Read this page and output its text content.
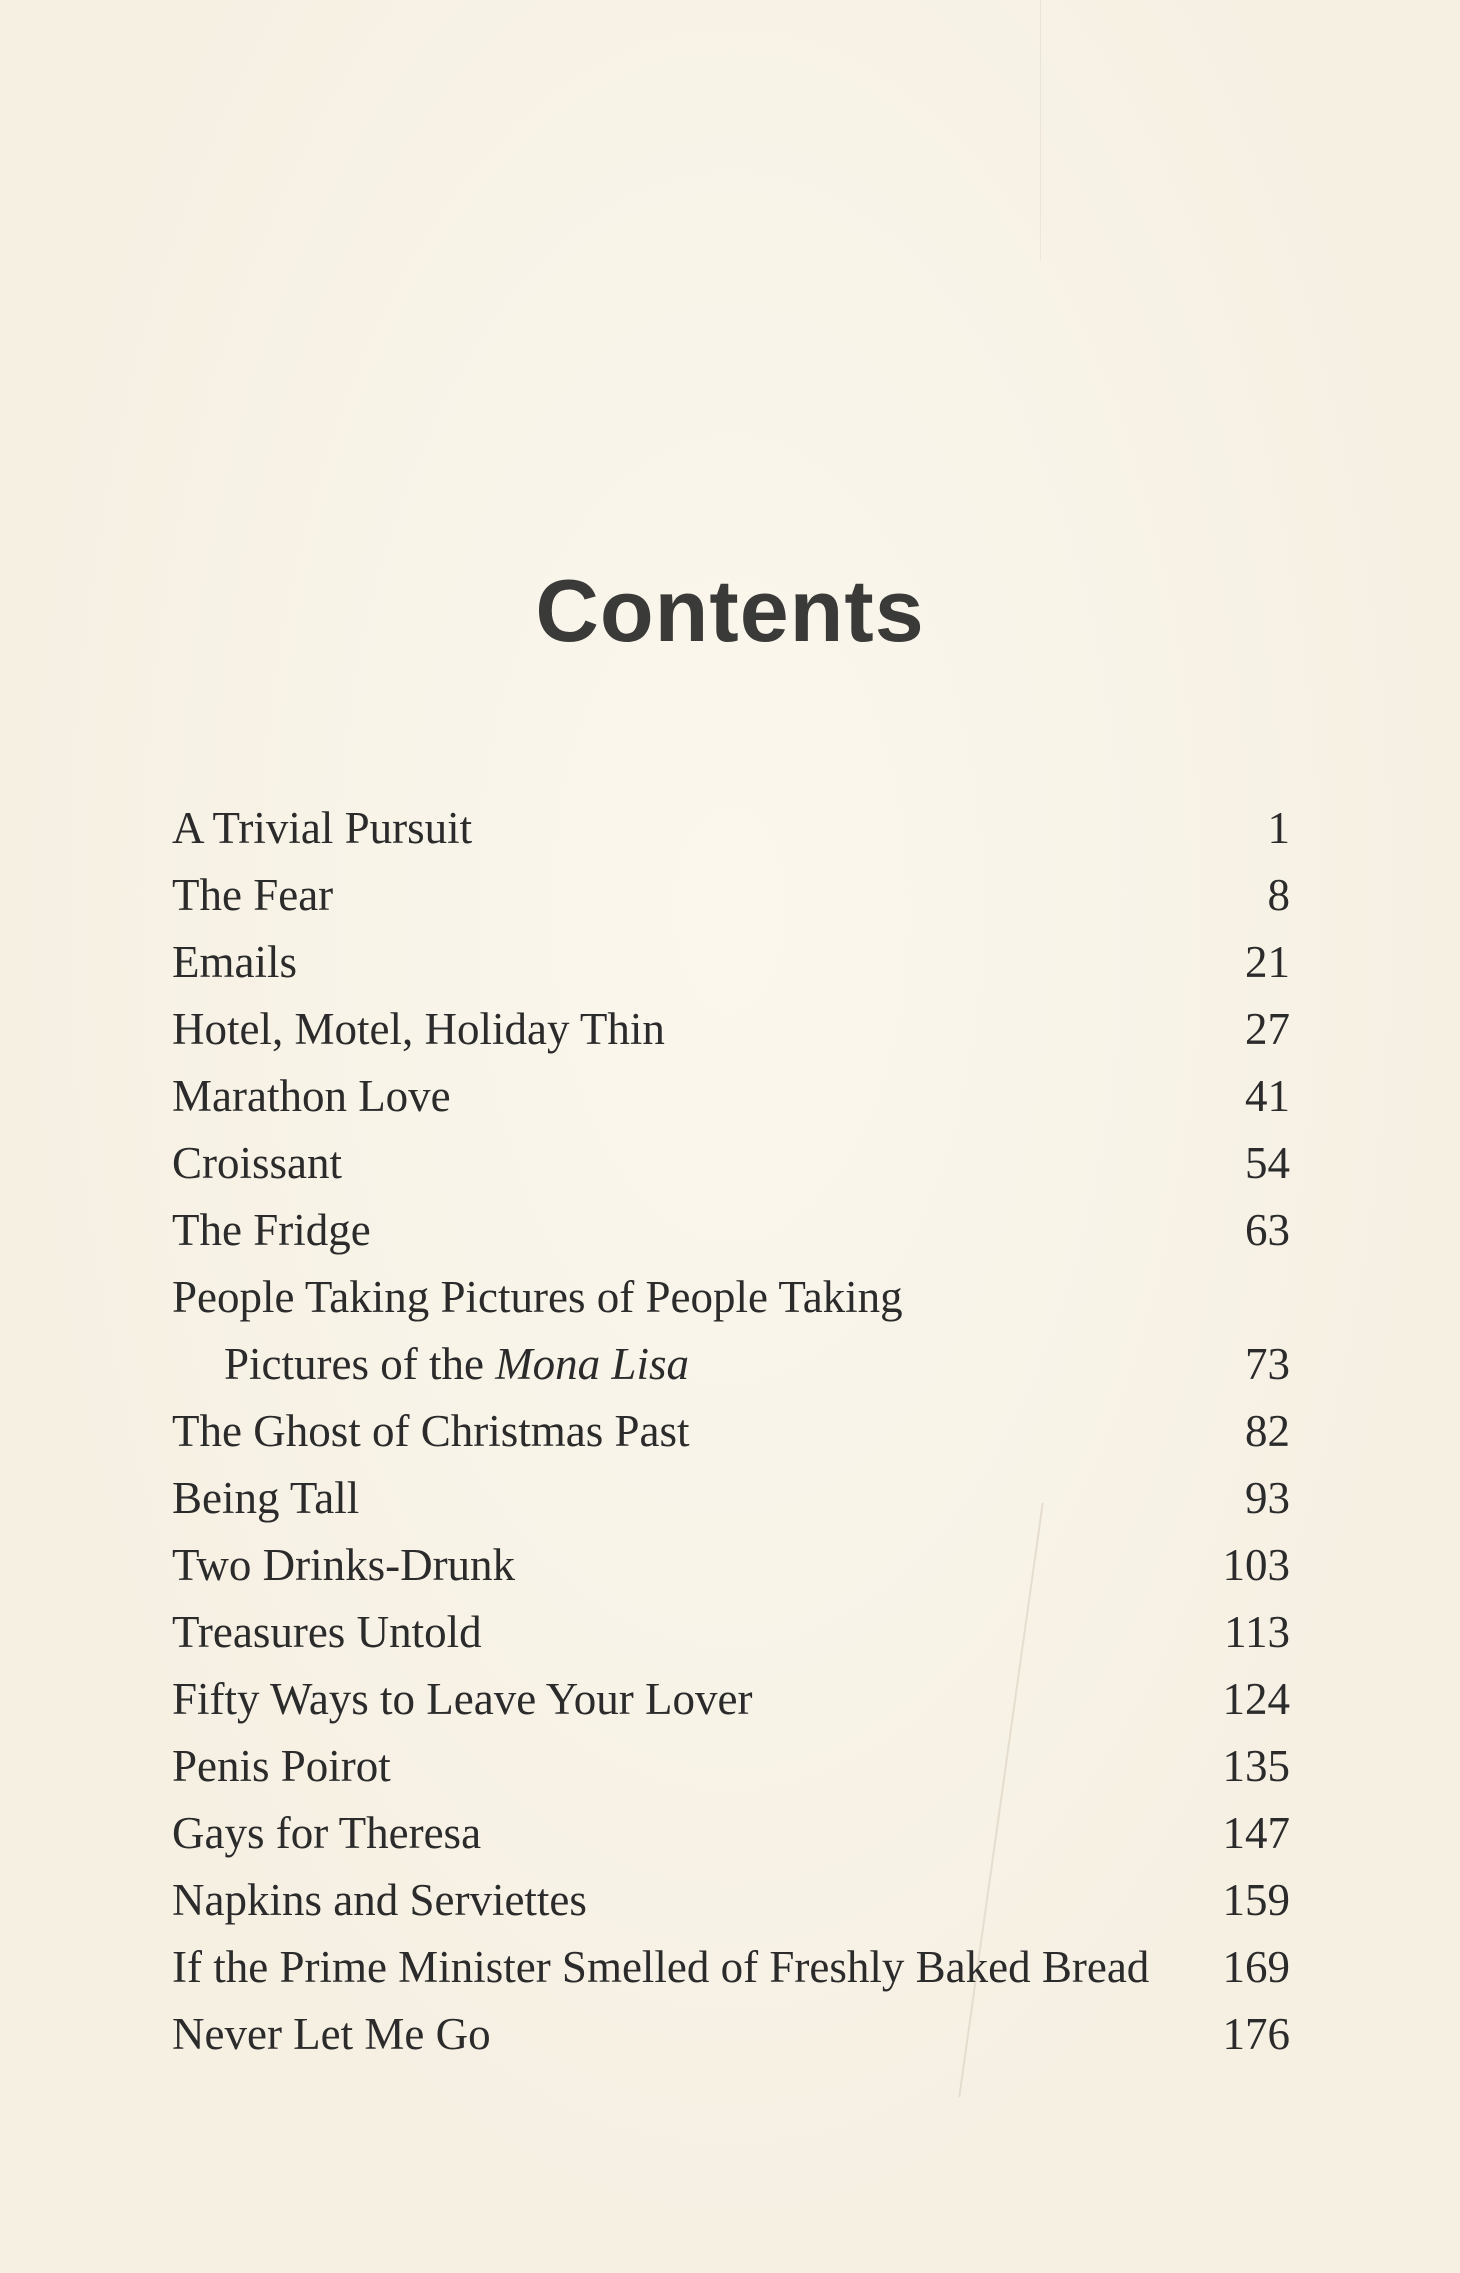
Contents
A Trivial Pursuit	1
The Fear	8
Emails	21
Hotel, Motel, Holiday Thin	27
Marathon Love	41
Croissant	54
The Fridge	63
People Taking Pictures of People Taking
Pictures of the Mona Lisa	73
The Ghost of Christmas Past	82
Being Tall	93
Two Drinks-Drunk	103
Treasures Untold	113
Fifty Ways to Leave Your Lover	124
Penis Poirot	135
Gays for Theresa	147
Napkins and Serviettes	159
If the Prime Minister Smelled of Freshly Baked Bread 169
Never Let Me Go	176
